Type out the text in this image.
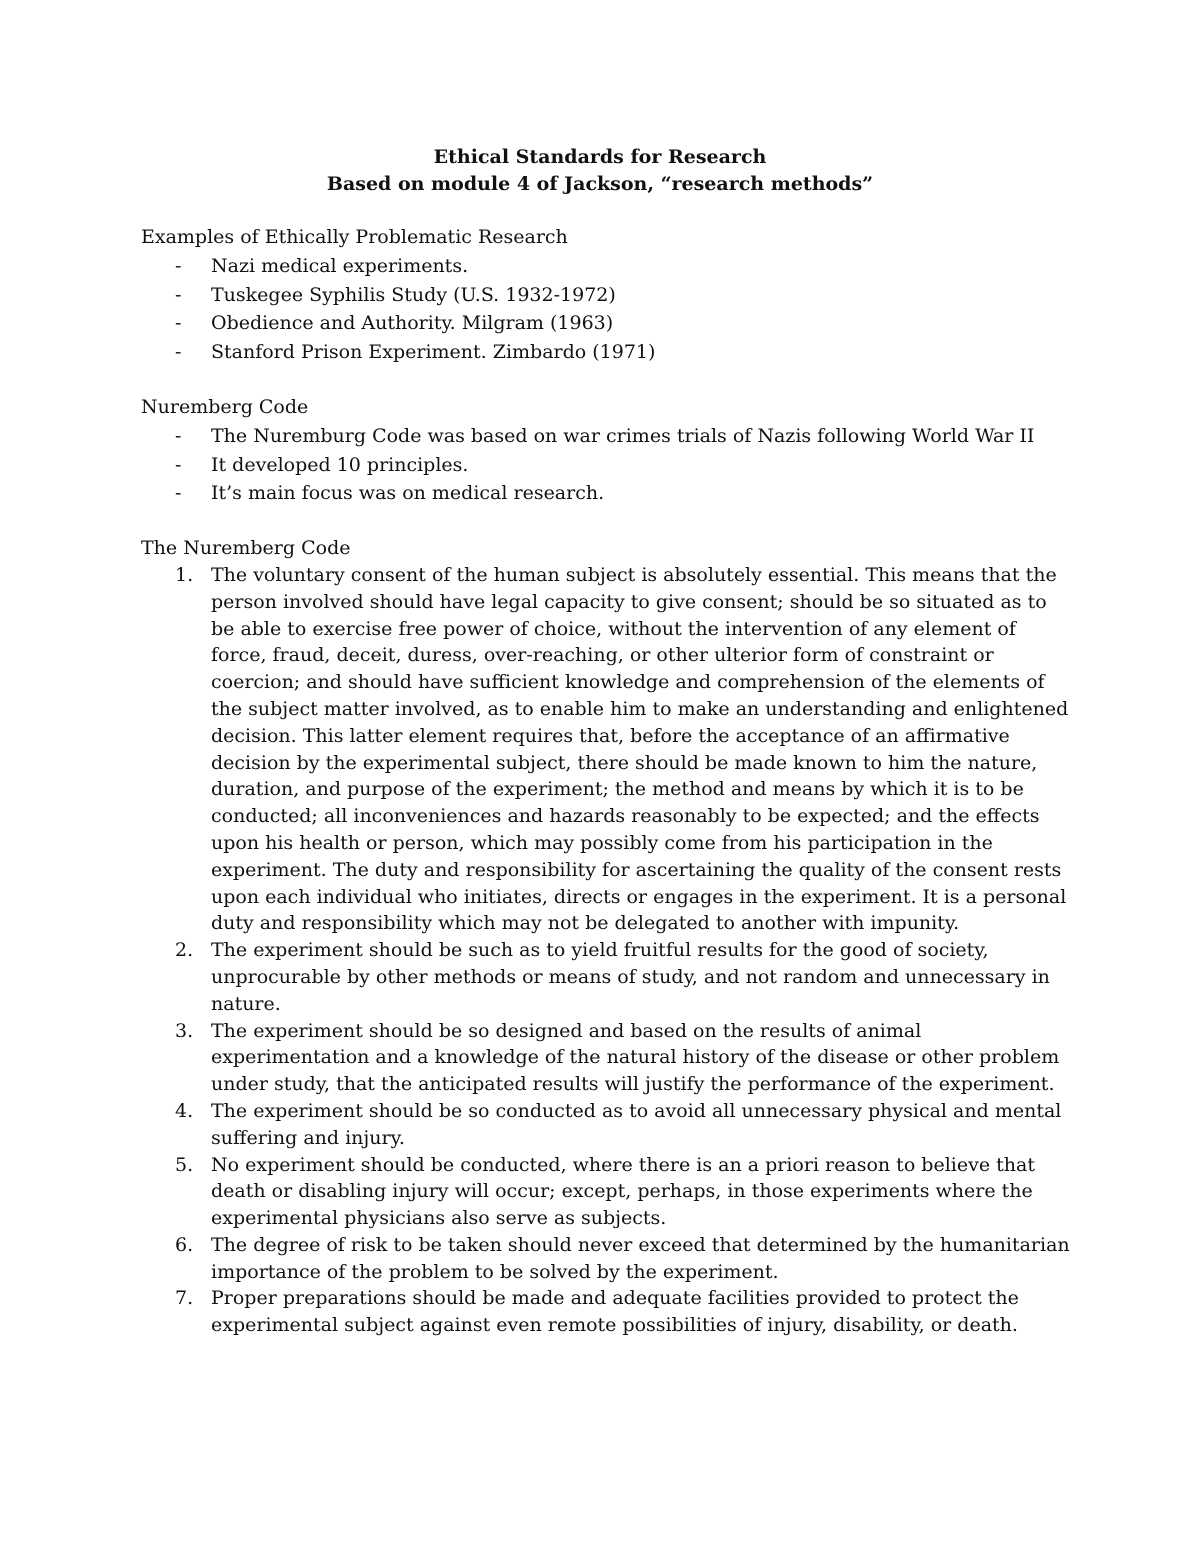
Ethical Standards for Research
Based on module 4 of Jackson, “research methods”

Examples of Ethically Problematic Research

- Nazi medical experiments.
- Tuskegee Syphilis Study (U.S. 1932-1972)
- Obedience and Authority. Milgram (1963)
- Stanford Prison Experiment. Zimbardo (1971)

Nuremberg Code

- The Nuremburg Code was based on war crimes trials of Nazis following World War II
- It developed 10 principles.
- It’s main focus was on medical research.

The Nuremberg Code

1. The voluntary consent of the human subject is absolutely essential. This means that the person involved should have legal capacity to give consent; should be so situated as to be able to exercise free power of choice, without the intervention of any element of force, fraud, deceit, duress, over-reaching, or other ulterior form of constraint or coercion; and should have sufficient knowledge and comprehension of the elements of the subject matter involved, as to enable him to make an understanding and enlightened decision. This latter element requires that, before the acceptance of an affirmative decision by the experimental subject, there should be made known to him the nature, duration, and purpose of the experiment; the method and means by which it is to be conducted; all inconveniences and hazards reasonably to be expected; and the effects upon his health or person, which may possibly come from his participation in the experiment. The duty and responsibility for ascertaining the quality of the consent rests upon each individual who initiates, directs or engages in the experiment. It is a personal duty and responsibility which may not be delegated to another with impunity.
2. The experiment should be such as to yield fruitful results for the good of society, unprocurable by other methods or means of study, and not random and unnecessary in nature.
3. The experiment should be so designed and based on the results of animal experimentation and a knowledge of the natural history of the disease or other problem under study, that the anticipated results will justify the performance of the experiment.
4. The experiment should be so conducted as to avoid all unnecessary physical and mental suffering and injury.
5. No experiment should be conducted, where there is an a priori reason to believe that death or disabling injury will occur; except, perhaps, in those experiments where the experimental physicians also serve as subjects.
6. The degree of risk to be taken should never exceed that determined by the humanitarian importance of the problem to be solved by the experiment.
7. Proper preparations should be made and adequate facilities provided to protect the experimental subject against even remote possibilities of injury, disability, or death.
